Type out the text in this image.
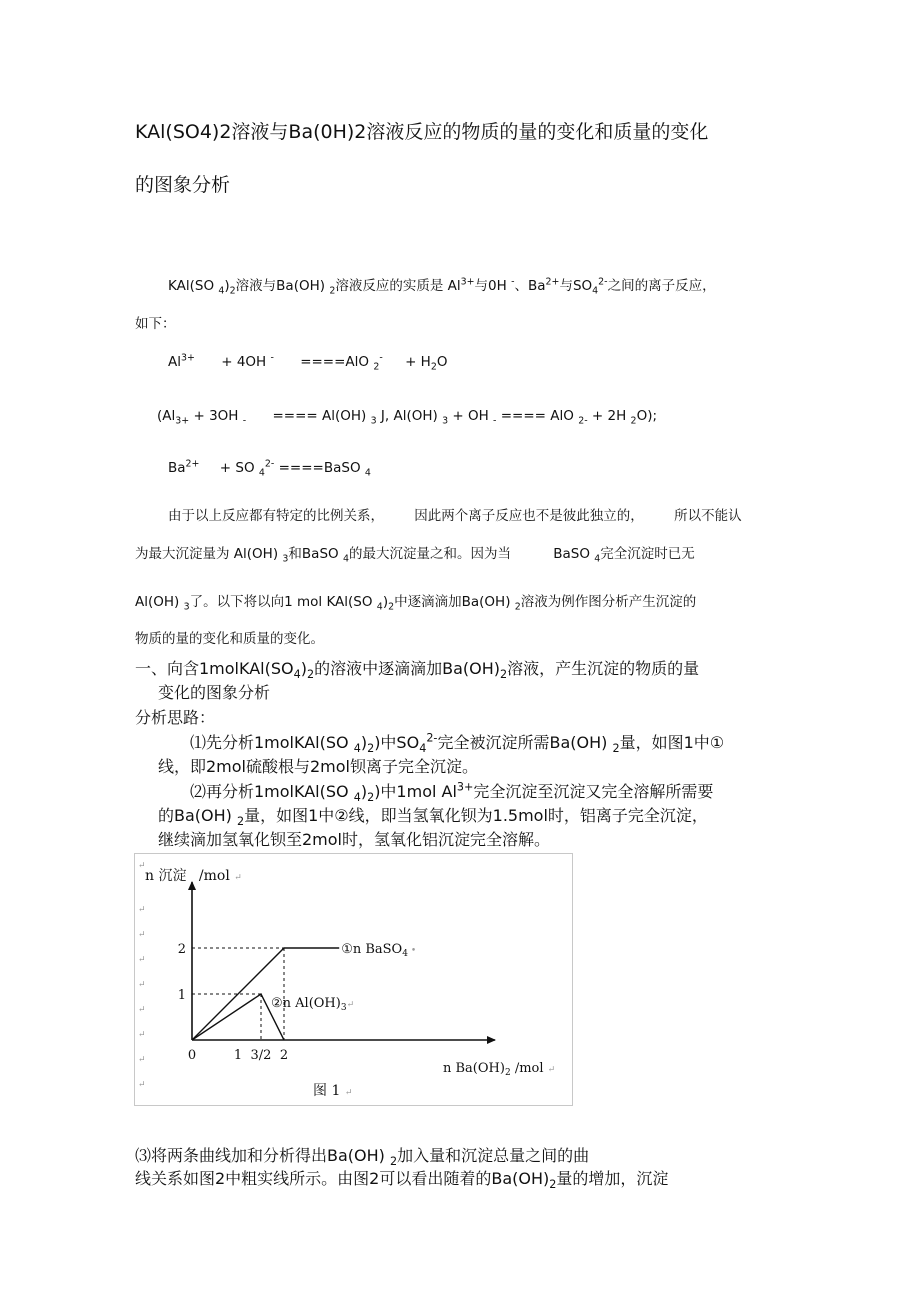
KAl(SO4)2溶液与Ba(0H)2溶液反应的物质的量的变化和质量的变化
的图象分析
KAl(SO $_4)_2$溶液与Ba(OH) $_2$溶液反应的实质是 $Al^{3+}$与0H -、$Ba^{2+}$与$SO_4^{2-}$之间的离子反应，
如下：
$Al^{3+} + 4OH$ - ====AlO $_2^- + H_2O$
($Al_{3+} + 3OH$ $_-$ ==== Al(OH) $_3$ J, Al(OH) $_3$ + OH $_-$ ==== AlO $_{2-}$ + 2H $_2$O);
$Ba^{2+}$ + SO $_4^{2-}$ ====BaSO $_4$
由于以上反应都有特定的比例关系， 因此两个离子反应也不是彼此独立的， 所以不能认
为最大沉淀量为 Al(OH) $_3$和BaSO $_4$的最大沉淀量之和。因为当	BaSO $_4$完全沉淀时已无
Al(OH) $_3$了。以下将以向1 mol KAl(SO $_4)_2$中逐滴滴加Ba(OH) $_2$溶液为例作图分析产生沉淀的
物质的量的变化和质量的变化。
一、向含$1molKAl(SO_4)_2$的溶液中逐滴滴加$Ba(OH)_2$溶液，产生沉淀的物质的量
变化的图象分析
分析思路：
⑴先分析1molKAl(SO $_4)_2$)中$SO_4^{2-}$完全被沉淀所需Ba(OH) $_2$量，如图1中①
线，即2mol硫酸根与2mol钡离子完全沉淀。
⑵再分析1molKAl(SO $_4)_2$)中1mol $Al^{3+}$完全沉淀至沉淀又完全溶解所需要
的Ba(OH) $_2$量，如图1中②线，即当氢氧化钡为1.5mol时，铝离子完全沉淀，
继续滴加氢氧化钡至2mol时，氢氧化铝沉淀完全溶解。
↵
↵
↵
↵
↵
↵
↵
↵
↵
n 沉淀 /mol ↵
0	1 3/2 2
1
2	①n BaSO$_4$ •
②n $Al(OH)_3^↵$
n $Ba(OH)_2$ /mol ↵
图 1 ↵
⑶将两条曲线加和分析得出Ba(OH) $_2$加入量和沉淀总量之间的曲
线关系如图2中粗实线所示。由图2可以看出随着的$Ba(OH)_2$量的增加，沉淀
